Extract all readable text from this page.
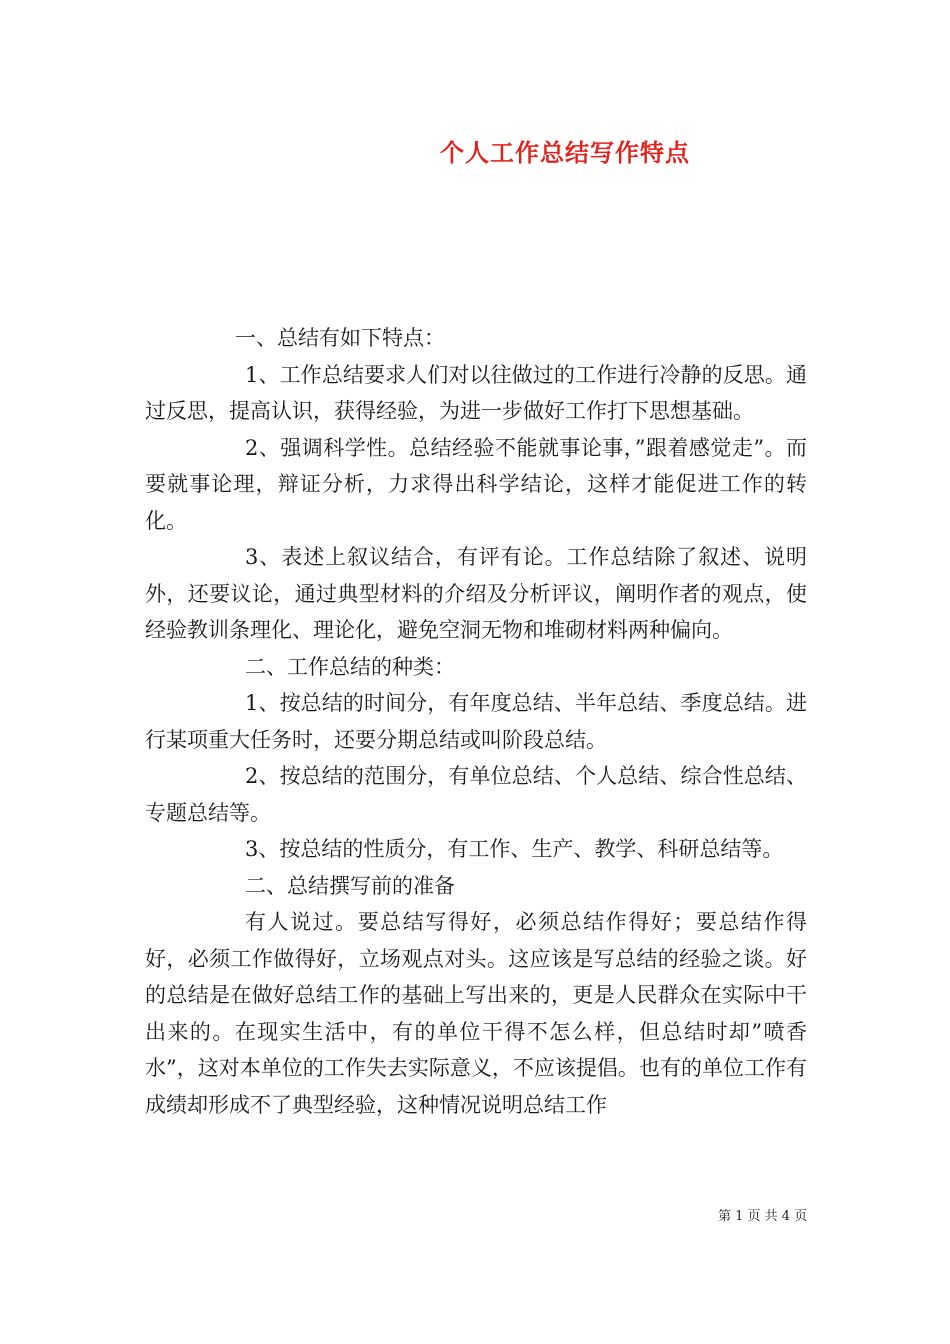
个人工作总结写作特点

一、总结有如下特点：

1、工作总结要求人们对以往做过的工作进行冷静的反思。通过反思，提高认识，获得经验，为进一步做好工作打下思想基础。

2、强调科学性。总结经验不能就事论事，”跟着感觉走”。而要就事论理，辩证分析，力求得出科学结论，这样才能促进工作的转化。

3、表述上叙议结合，有评有论。工作总结除了叙述、说明外，还要议论，通过典型材料的介绍及分析评议，阐明作者的观点，使经验教训条理化、理论化，避免空洞无物和堆砌材料两种偏向。

二、工作总结的种类：

1、按总结的时间分，有年度总结、半年总结、季度总结。进行某项重大任务时，还要分期总结或叫阶段总结。

2、按总结的范围分，有单位总结、个人总结、综合性总结、专题总结等。

3、按总结的性质分，有工作、生产、教学、科研总结等。

二、总结撰写前的准备

有人说过。要总结写得好，必须总结作得好；要总结作得好，必须工作做得好，立场观点对头。这应该是写总结的经验之谈。好的总结是在做好总结工作的基础上写出来的，更是人民群众在实际中干出来的。在现实生活中，有的单位干得不怎么样，但总结时却”喷香水”，这对本单位的工作失去实际意义，不应该提倡。也有的单位工作有成绩却形成不了典型经验，这种情况说明总结工作

第 1 页 共 4 页
